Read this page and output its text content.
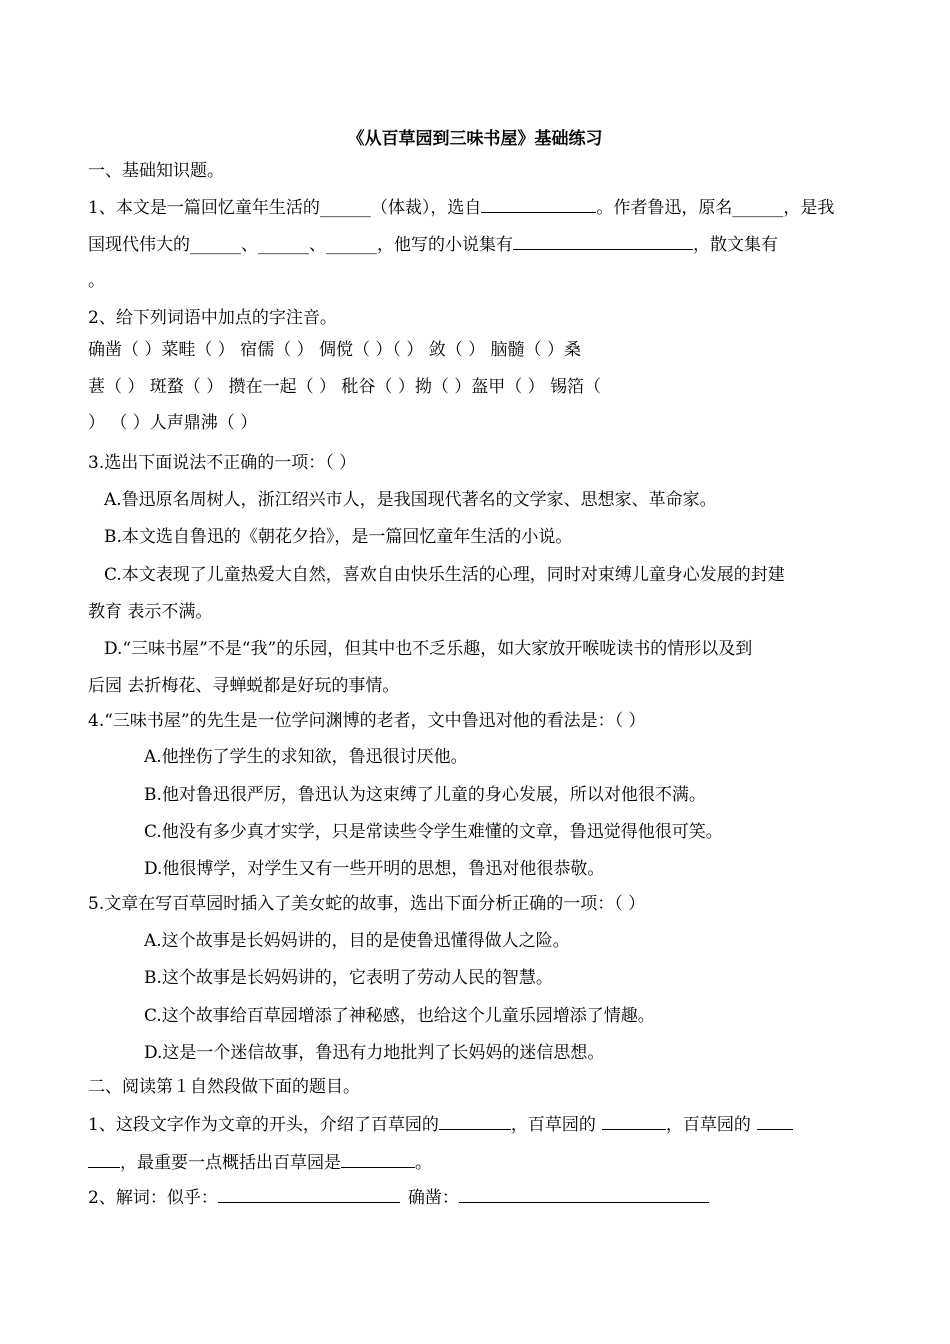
《从百草园到三味书屋》基础练习
一、基础知识题。
1、本文是一篇回忆童年生活的______（体裁），选自	。作者鲁迅，原名______，是我
国现代伟大的______、______、______，他写的小说集有	，散文集有
。
2、给下列词语中加点的字注音。
确凿（ ）菜畦（ ） 宿儒（ ） 倜傥（ ）（ ） 敛（ ） 脑髓（ ）桑
葚（ ） 斑蝥（ ） 攒在一起（ ） 秕谷（ ）拗（ ）盔甲（ ） 锡箔（
） （ ）人声鼎沸（ ）
3.选出下面说法不正确的一项：（ ）
A.鲁迅原名周树人，浙江绍兴市人，是我国现代著名的文学家、思想家、革命家。
B.本文选自鲁迅的《朝花夕拾》，是一篇回忆童年生活的小说。
C.本文表现了儿童热爱大自然，喜欢自由快乐生活的心理，同时对束缚儿童身心发展的封建
教育 表示不满。
D.“三味书屋”不是“我”的乐园，但其中也不乏乐趣，如大家放开喉咙读书的情形以及到
后园 去折梅花、寻蝉蜕都是好玩的事情。
4.“三味书屋”的先生是一位学问渊博的老者，文中鲁迅对他的看法是：（ ）
A.他挫伤了学生的求知欲，鲁迅很讨厌他。
B.他对鲁迅很严厉，鲁迅认为这束缚了儿童的身心发展，所以对他很不满。
C.他没有多少真才实学，只是常读些令学生难懂的文章，鲁迅觉得他很可笑。
D.他很博学，对学生又有一些开明的思想，鲁迅对他很恭敬。
5.文章在写百草园时插入了美女蛇的故事，选出下面分析正确的一项：（ ）
A.这个故事是长妈妈讲的，目的是使鲁迅懂得做人之险。
B.这个故事是长妈妈讲的，它表明了劳动人民的智慧。
C.这个故事给百草园增添了神秘感，也给这个儿童乐园增添了情趣。
D.这是一个迷信故事，鲁迅有力地批判了长妈妈的迷信思想。
二、阅读第１自然段做下面的题目。
1、这段文字作为文章的开头，介绍了百草园的	，百草园的	，百草园的
，最重要一点概括出百草园是	。
2、解词：似乎：	确凿：
